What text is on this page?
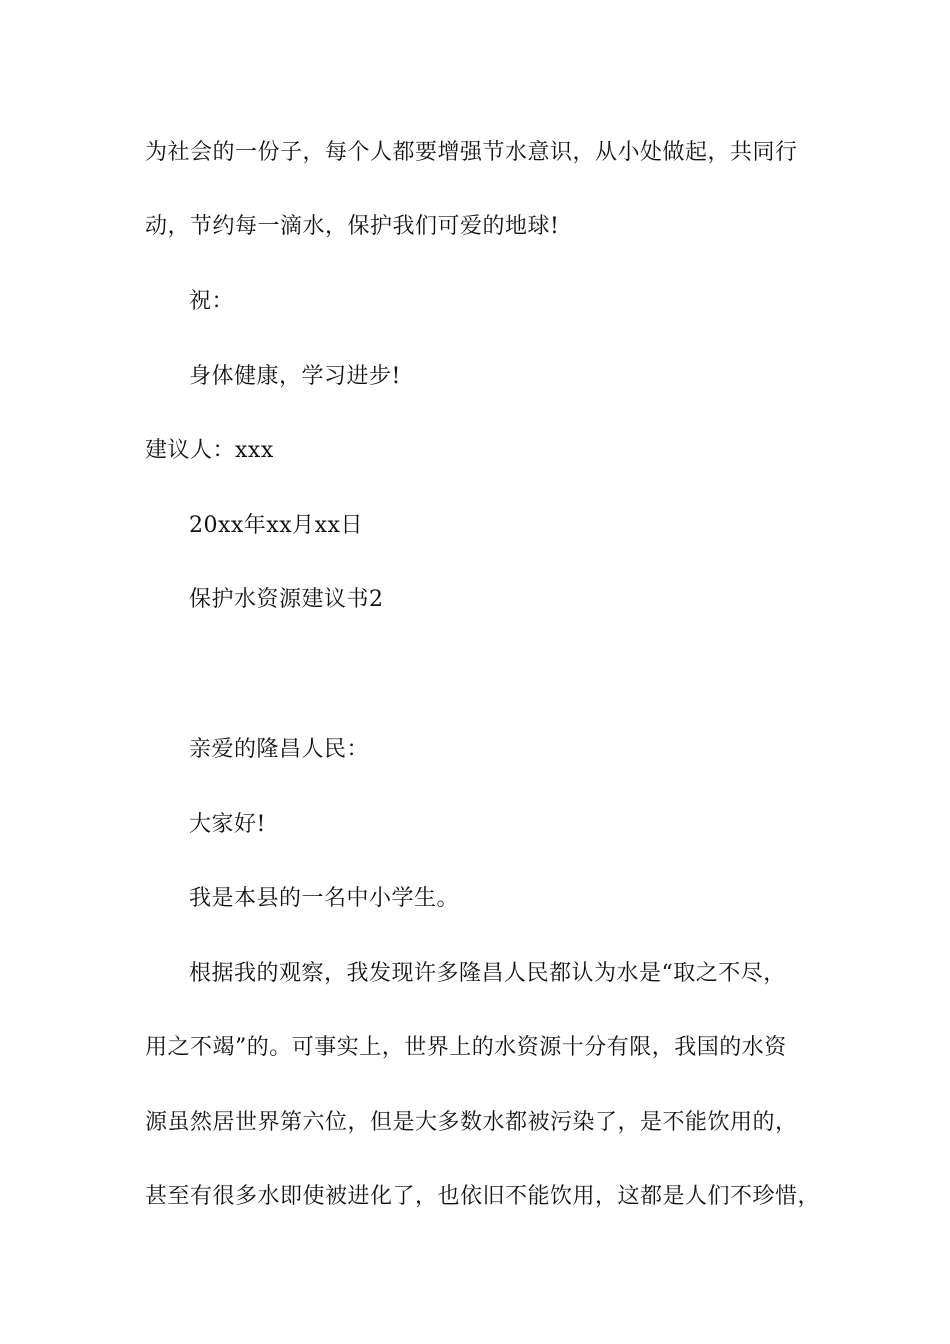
为社会的一份子，每个人都要增强节水意识，从小处做起，共同行
动，节约每一滴水，保护我们可爱的地球!
祝：
身体健康，学习进步!
建议人：xxx
20xx年xx月xx日
保护水资源建议书2
亲爱的隆昌人民：
大家好!
我是本县的一名中小学生。
根据我的观察，我发现许多隆昌人民都认为水是“取之不尽，
用之不竭”的。可事实上，世界上的水资源十分有限，我国的水资
源虽然居世界第六位，但是大多数水都被污染了，是不能饮用的，
甚至有很多水即使被进化了，也依旧不能饮用，这都是人们不珍惜，
